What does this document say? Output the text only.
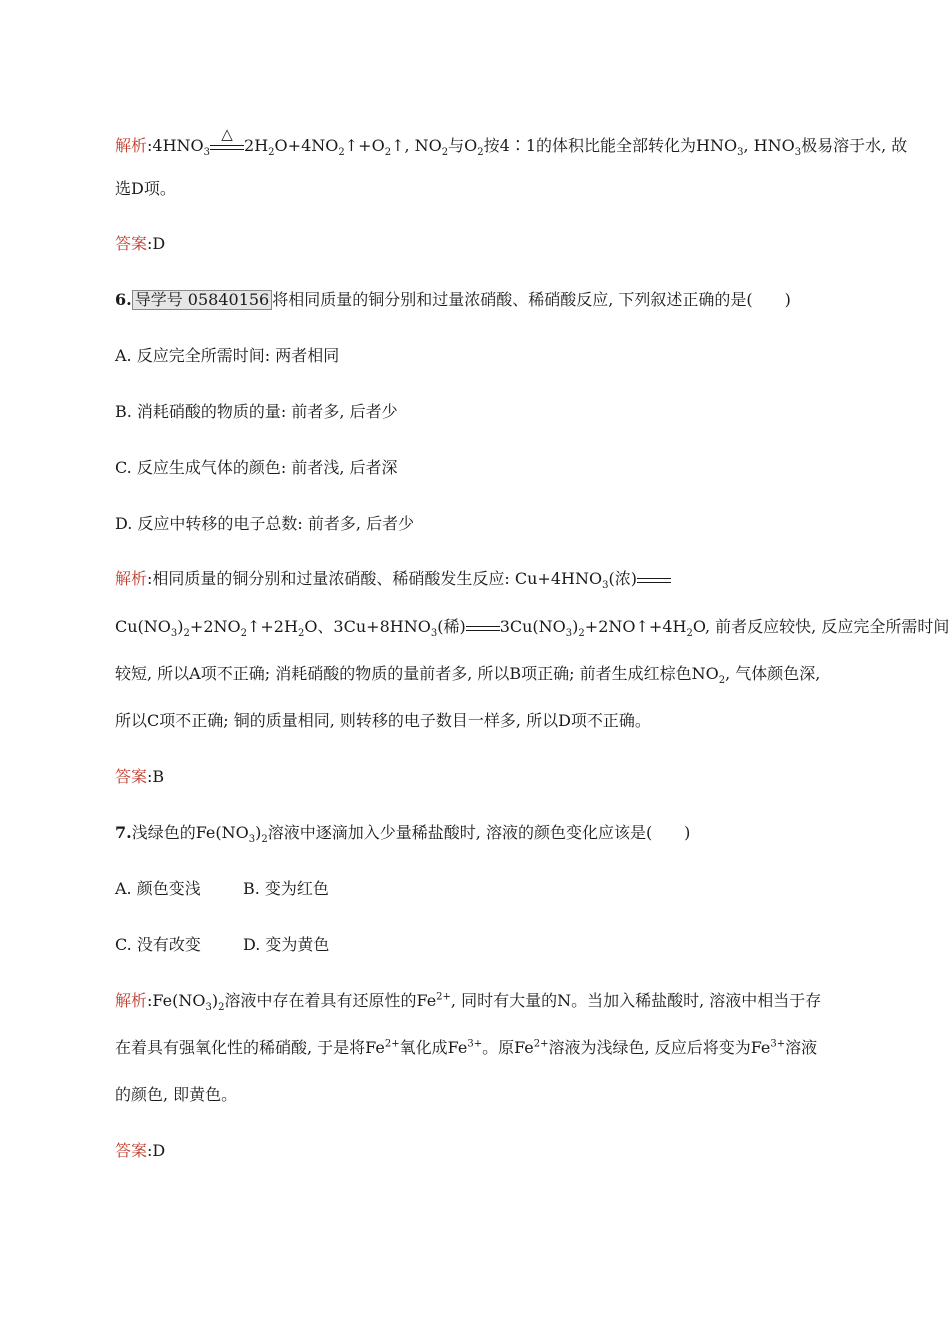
解析$:4HNO_3$
△
$2H_2O+4NO_2↑+O_2↑$, $NO_2$与$O_2$按4∶1的体积比能全部转化为$HNO_3$, $HNO_3$极易溶于水, 故
选D项。
答案:D
6. 导学号 05840156 将相同质量的铜分别和过量浓硝酸、稀硝酸反应, 下列叙述正确的是(　　)
A. 反应完全所需时间: 两者相同
B. 消耗硝酸的物质的量: 前者多, 后者少
C. 反应生成气体的颜色: 前者浅, 后者深
D. 反应中转移的电子总数: 前者多, 后者少
解析:相同质量的铜分别和过量浓硝酸、稀硝酸发生反应: $Cu+4HNO_3$(浓)
$Cu(NO_3)_2+2NO_2↑+2H_2O$、$3Cu+8HNO_3$(稀) $3Cu(NO_3)_2+2NO↑+4H_2O$, 前者反应较快, 反应完全所需时间
较短, 所以A项不正确; 消耗硝酸的物质的量前者多, 所以B项正确; 前者生成红棕色$NO_2$, 气体颜色深,
所以C项不正确; 铜的质量相同, 则转移的电子数目一样多, 所以D项不正确。
答案:B
7.浅绿色的$Fe(NO_3)_2$溶液中逐滴加入少量稀盐酸时, 溶液的颜色变化应该是(　　)
A. 颜色变浅	B. 变为红色
C. 没有改变	D. 变为黄色
解析$:Fe(NO_3)_2$溶液中存在着具有还原性的$Fe^{2+}$, 同时有大量的N。当加入稀盐酸时, 溶液中相当于存
在着具有强氧化性的稀硝酸, 于是将$Fe^{2+}$氧化成$Fe^{3+}$。原$Fe^{2+}$溶液为浅绿色, 反应后将变为$Fe^{3+}$溶液
的颜色, 即黄色。
答案:D
